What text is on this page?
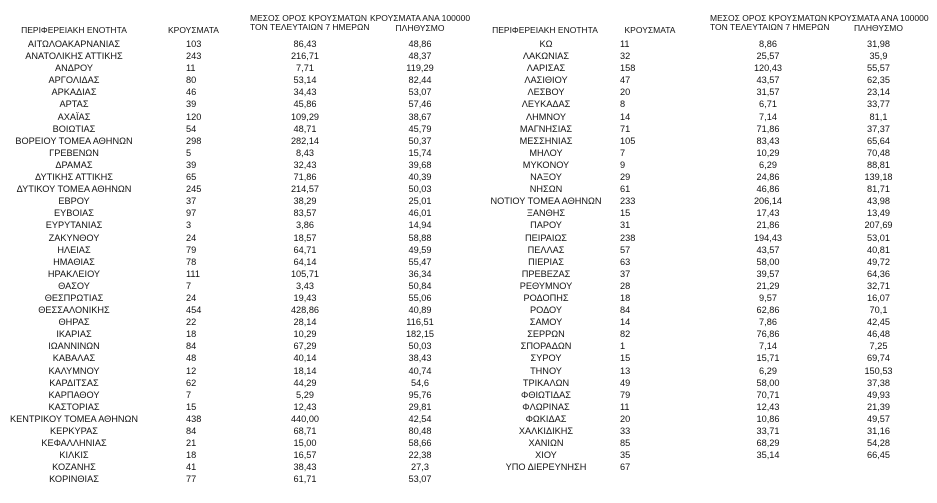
ΠΕΡΙΦΕΡΕΙΑΚΗ ΕΝΟΤΗΤΑ	ΚΡΟΥΣΜΑΤΑ
ΜΕΣΟΣ ΟΡΟΣ ΚΡΟΥΣΜΑΤΩΝ
ΤΟΝ ΤΕΛΕΥΤΑΙΩΝ 7 ΗΜΕΡΩΝ
ΚΡΟΥΣΜΑΤΑ ΑΝΑ 100000
ΠΛΗΘΥΣΜΟ
ΑΙΤΩΛΟΑΚΑΡΝΑΝΙΑΣ	103	86,43	48,86
ΑΝΑΤΟΛΙΚΗΣ ΑΤΤΙΚΗΣ	243	216,71	48,37
ΑΝΔΡΟΥ	11	7,71	119,29
ΑΡΓΟΛΙΔΑΣ	80	53,14	82,44
ΑΡΚΑΔΙΑΣ	46	34,43	53,07
ΑΡΤΑΣ	39	45,86	57,46
ΑΧΑΪΑΣ	120	109,29	38,67
ΒΟΙΩΤΙΑΣ	54	48,71	45,79
ΒΟΡΕΙΟΥ ΤΟΜΕΑ ΑΘΗΝΩΝ	298	282,14	50,37
ΓΡΕΒΕΝΩΝ	5	8,43	15,74
ΔΡΑΜΑΣ	39	32,43	39,68
ΔΥΤΙΚΗΣ ΑΤΤΙΚΗΣ	65	71,86	40,39
ΔΥΤΙΚΟΥ ΤΟΜΕΑ ΑΘΗΝΩΝ	245	214,57	50,03
ΕΒΡΟΥ	37	38,29	25,01
ΕΥΒΟΙΑΣ	97	83,57	46,01
ΕΥΡΥΤΑΝΙΑΣ	3	3,86	14,94
ΖΑΚΥΝΘΟΥ	24	18,57	58,88
ΗΛΕΙΑΣ	79	64,71	49,59
ΗΜΑΘΙΑΣ	78	64,14	55,47
ΗΡΑΚΛΕΙΟΥ	111	105,71	36,34
ΘΑΣΟΥ	7	3,43	50,84
ΘΕΣΠΡΩΤΙΑΣ	24	19,43	55,06
ΘΕΣΣΑΛΟΝΙΚΗΣ	454	428,86	40,89
ΘΗΡΑΣ	22	28,14	116,51
ΙΚΑΡΙΑΣ	18	10,29	182,15
ΙΩΑΝΝΙΝΩΝ	84	67,29	50,03
ΚΑΒΑΛΑΣ	48	40,14	38,43
ΚΑΛΥΜΝΟΥ	12	18,14	40,74
ΚΑΡΔΙΤΣΑΣ	62	44,29	54,6
ΚΑΡΠΑΘΟΥ	7	5,29	95,76
ΚΑΣΤΟΡΙΑΣ	15	12,43	29,81
ΚΕΝΤΡΙΚΟΥ ΤΟΜΕΑ ΑΘΗΝΩΝ	438	440,00	42,54
ΚΕΡΚΥΡΑΣ	84	68,71	80,48
ΚΕΦΑΛΛΗΝΙΑΣ	21	15,00	58,66
ΚΙΛΚΙΣ	18	16,57	22,38
ΚΟΖΑΝΗΣ	41	38,43	27,3
ΚΟΡΙΝΘΙΑΣ	77	61,71	53,07
ΠΕΡΙΦΕΡΕΙΑΚΗ ΕΝΟΤΗΤΑ	ΚΡΟΥΣΜΑΤΑ
ΜΕΣΟΣ ΟΡΟΣ ΚΡΟΥΣΜΑΤΩΝ
ΤΟΝ ΤΕΛΕΥΤΑΙΩΝ 7 ΗΜΕΡΩΝ
ΚΡΟΥΣΜΑΤΑ ΑΝΑ 100000
ΠΛΗΘΥΣΜΟ
ΚΩ	11	8,86	31,98
ΛΑΚΩΝΙΑΣ	32	25,57	35,9
ΛΑΡΙΣΑΣ	158	120,43	55,57
ΛΑΣΙΘΙΟΥ	47	43,57	62,35
ΛΕΣΒΟΥ	20	31,57	23,14
ΛΕΥΚΑΔΑΣ	8	6,71	33,77
ΛΗΜΝΟΥ	14	7,14	81,1
ΜΑΓΝΗΣΙΑΣ	71	71,86	37,37
ΜΕΣΣΗΝΙΑΣ	105	83,43	65,64
ΜΗΛΟΥ	7	10,29	70,48
ΜΥΚΟΝΟΥ	9	6,29	88,81
ΝΑΞΟΥ	29	24,86	139,18
ΝΗΣΩΝ	61	46,86	81,71
ΝΟΤΙΟΥ ΤΟΜΕΑ ΑΘΗΝΩΝ	233	206,14	43,98
ΞΑΝΘΗΣ	15	17,43	13,49
ΠΑΡΟΥ	31	21,86	207,69
ΠΕΙΡΑΙΩΣ	238	194,43	53,01
ΠΕΛΛΑΣ	57	43,57	40,81
ΠΙΕΡΙΑΣ	63	58,00	49,72
ΠΡΕΒΕΖΑΣ	37	39,57	64,36
ΡΕΘΥΜΝΟΥ	28	21,29	32,71
ΡΟΔΟΠΗΣ	18	9,57	16,07
ΡΟΔΟΥ	84	62,86	70,1
ΣΑΜΟΥ	14	7,86	42,45
ΣΕΡΡΩΝ	82	76,86	46,48
ΣΠΟΡΑΔΩΝ	1	7,14	7,25
ΣΥΡΟΥ	15	15,71	69,74
ΤΗΝΟΥ	13	6,29	150,53
ΤΡΙΚΑΛΩΝ	49	58,00	37,38
ΦΘΙΩΤΙΔΑΣ	79	70,71	49,93
ΦΛΩΡΙΝΑΣ	11	12,43	21,39
ΦΩΚΙΔΑΣ	20	10,86	49,57
ΧΑΛΚΙΔΙΚΗΣ	33	33,71	31,16
ΧΑΝΙΩΝ	85	68,29	54,28
ΧΙΟΥ	35	35,14	66,45
ΥΠΟ ΔΙΕΡΕΥΝΗΣΗ	67
